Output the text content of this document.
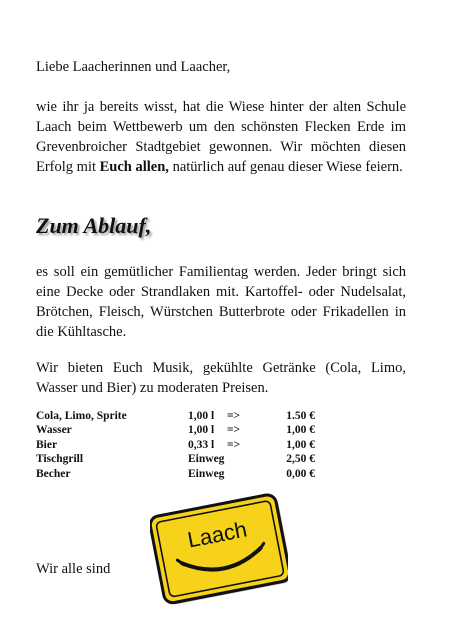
Liebe Laacherinnen und Laacher,

wie ihr ja bereits wisst, hat die Wiese hinter der alten Schule Laach beim Wettbewerb um den schönsten Flecken Erde im Grevenbroicher Stadtgebiet gewonnen. Wir möchten diesen Erfolg mit Euch allen, natürlich auf genau dieser Wiese feiern.

Zum Ablauf,

es soll ein gemütlicher Familientag werden. Jeder bringt sich eine Decke oder Strandlaken mit. Kartoffel- oder Nudelsalat, Brötchen, Fleisch, Würstchen Butterbrote oder Frikadellen in die Kühltasche.

Wir bieten Euch Musik, gekühlte Getränke (Cola, Limo, Wasser und Bier) zu moderaten Preisen.

Cola, Limo, Sprite	1,00 l	=>	1.50 €
Wasser	1,00 l	=>	1,00 €
Bier	0,33 l	=>	1,00 €
Tischgrill	Einweg		2,50 €
Becher	Einweg		0,00 €

Wir alle sind

Laach
